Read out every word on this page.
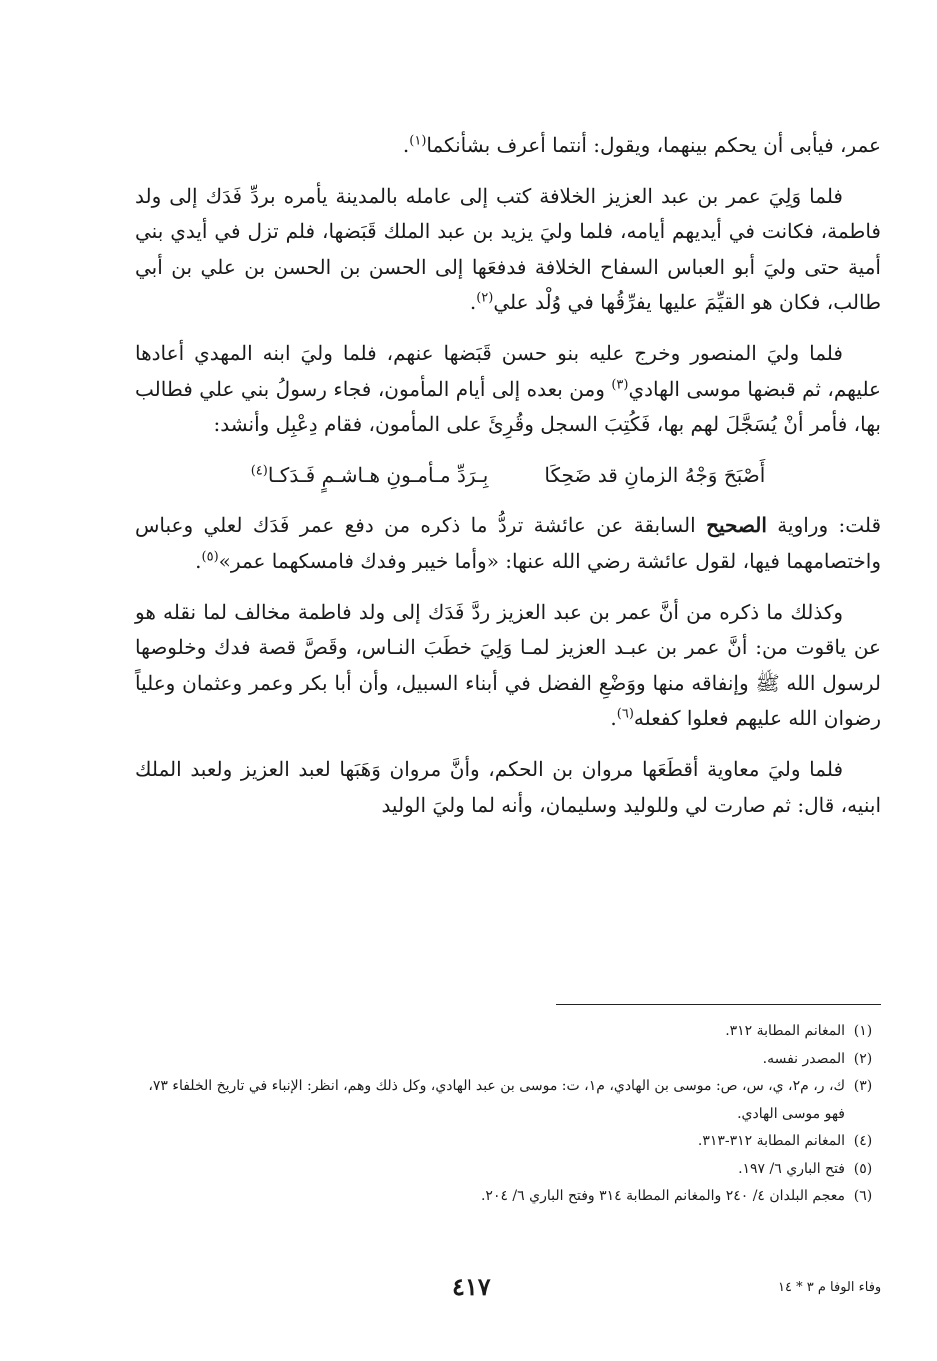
عمر، فيأبى أن يحكم بينهما، ويقول: أنتما أعرف بشأنكما$^{(١)}$.

فلما وَلِيَ عمر بن عبد العزيز الخلافة كتب إلى عامله بالمدينة يأمره بردِّ فَدَك إلى ولد فاطمة، فكانت في أيديهم أيامه، فلما وليَ يزيد بن عبد الملك قَبَضها، فلم تزل في أيدي بني أمية حتى وليَ أبو العباس السفاح الخلافة فدفعَها إلى الحسن بن الحسن بن علي بن أبي طالب، فكان هو القيِّمَ عليها يفرِّقُها في وُلْد علي$^{(٢)}$.

فلما وليَ المنصور وخرج عليه بنو حسن قَبَضها عنهم، فلما وليَ ابنه المهدي أعادها عليهم، ثم قبضها موسى الهادي$^{(٣)}$ ومن بعده إلى أيام المأمون، فجاء رسولُ بني علي فطالب بها، فأمر أنْ يُسَجَّلَ لهم بها، فَكُتِبَ السجل وقُرِئَ على المأمون، فقام دِعْبِل وأنشد:

أَصْبَحَ وَجْهُ الزمانِ قد ضَحِكَا
بِـرَدِّ مـأمـونِ هـاشـمٍ فَـدَكـا$^{(٤)}$

قلت: وراوية الصحيح السابقة عن عائشة تردُّ ما ذكره من دفع عمر فَدَك لعلي وعباس واختصامهما فيها، لقول عائشة رضي الله عنها: «وأما خيبر وفدك فامسكهما عمر»$^{(٥)}$.

وكذلك ما ذكره من أنَّ عمر بن عبد العزيز ردَّ فَدَك إلى ولد فاطمة مخالف لما نقله هو عن ياقوت من: أنَّ عمر بن عبـد العزيز لمـا وَلِيَ خطَبَ النـاس، وقَصَّ قصة فدك وخلوصها لرسول الله ﷺ وإنفاقه منها ووَضْعِ الفضل في أبناء السبيل، وأن أبا بكر وعمر وعثمان وعلياً رضوان الله عليهم فعلوا كفعله$^{(٦)}$.

فلما وليَ معاوية أقطَعَها مروان بن الحكم، وأنَّ مروان وَهَبَها لعبد العزيز ولعبد الملك ابنيه، قال: ثم صارت لي وللوليد وسليمان، وأنه لما وليَ الوليد

(١)
المغانم المطابة ٣١٢.
(٢)
المصدر نفسه.
(٣)
ك، ر، م٢، ي، س، ص: موسى بن الهادي، م١، ت: موسى بن عبد الهادي، وكل ذلك وهم، انظر: الإنباء في تاريخ الخلفاء ٧٣، فهو موسى الهادي.
(٤)
المغانم المطابة ٣١٢-٣١٣.
(٥)
فتح الباري ٦/ ١٩٧.
(٦)
معجم البلدان ٤/ ٢٤٠ والمغانم المطابة ٣١٤ وفتح الباري ٦/ ٢٠٤.
٤١٧	وفاء الوفا م ٣ * ١٤
